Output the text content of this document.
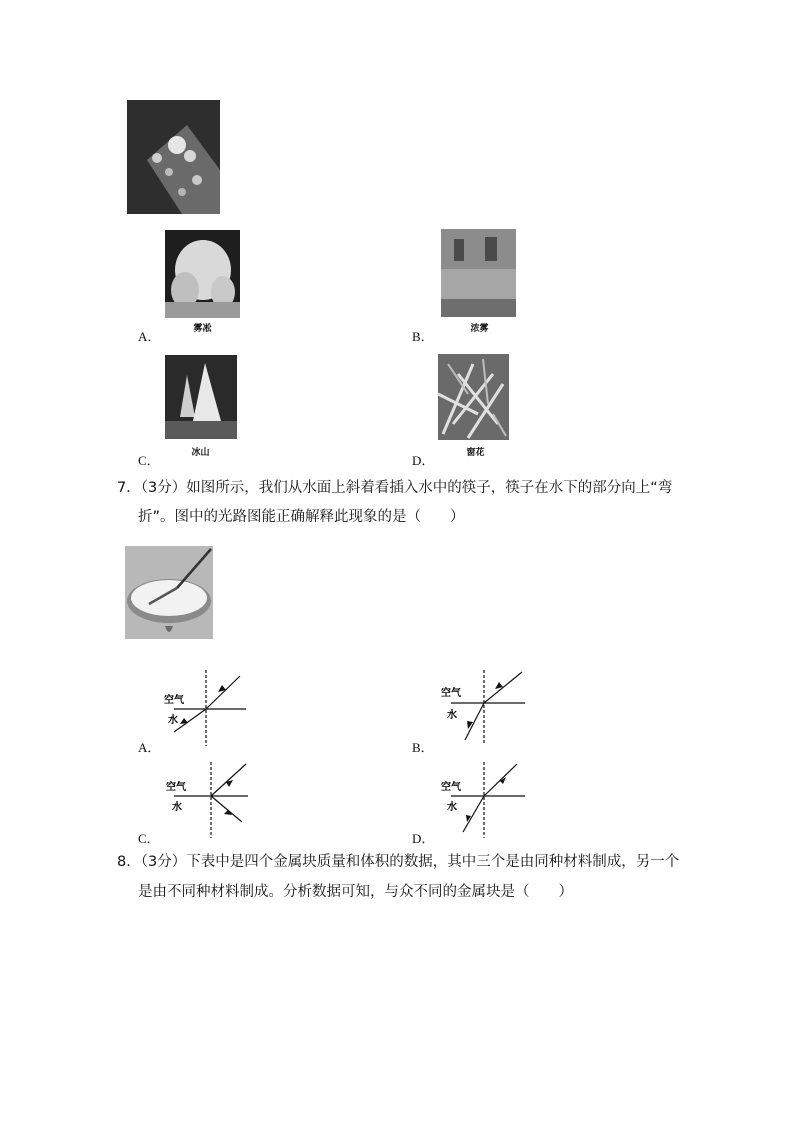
雾凇
A．	浓雾
B．
冰山
C．	窗花
D．
7．（3分）如图所示，我们从水面上斜着看插入水中的筷子，筷子在水下的部分向上“弯
折”。图中的光路图能正确解释此现象的是（　　）
空气
水
A．
空气
水
B．
空气
水
C．
空气
水
D．
8．（3分）下表中是四个金属块质量和体积的数据，其中三个是由同种材料制成，另一个
是由不同种材料制成。分析数据可知，与众不同的金属块是（　　）
